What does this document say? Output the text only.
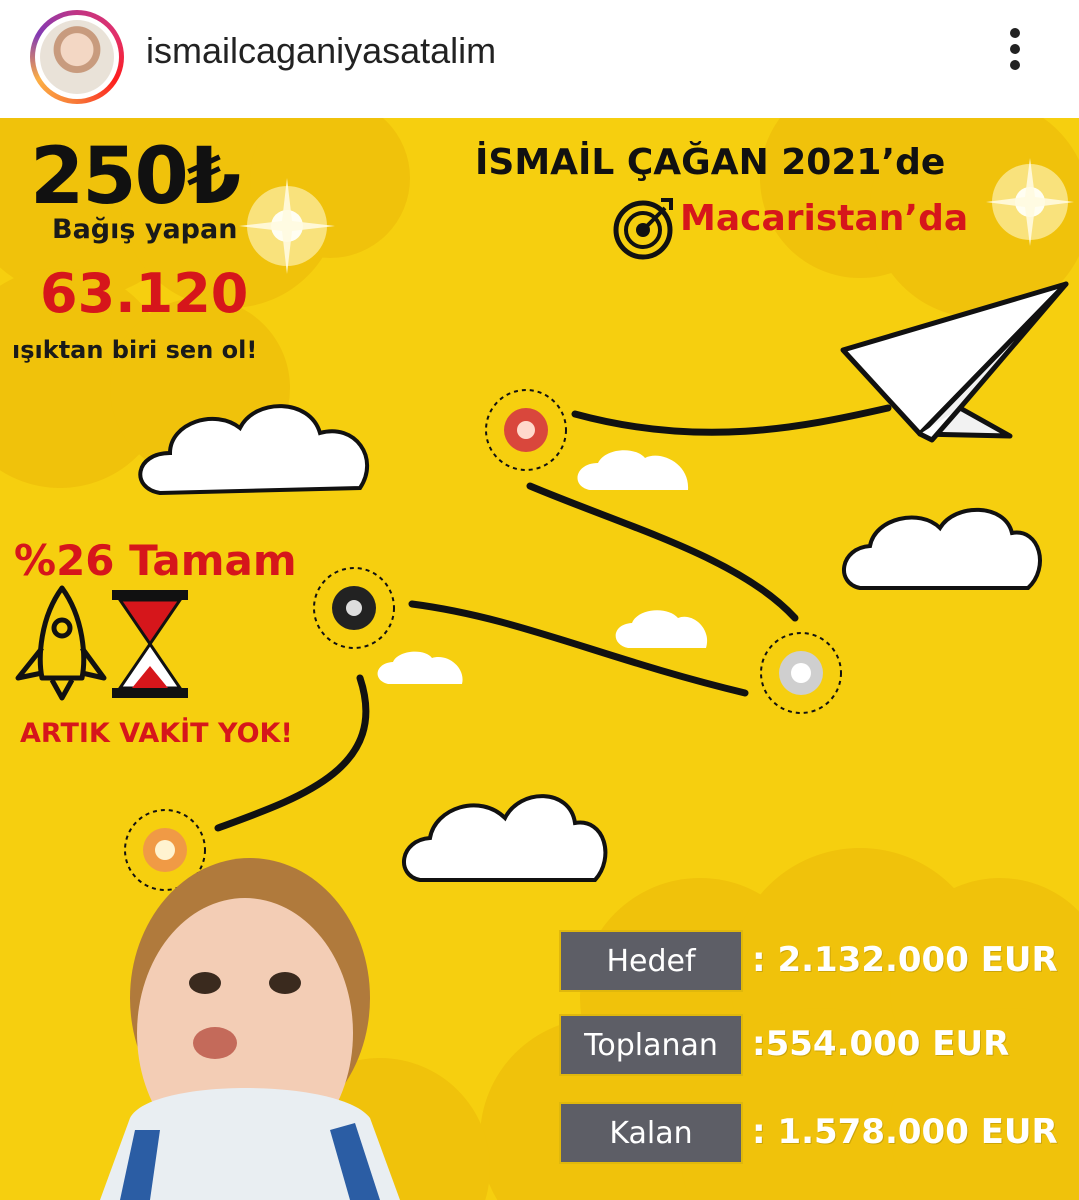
ismailcaganiyasatalim
250₺
Bağış yapan
63.120
ışıktan biri sen ol!
İSMAİL ÇAĞAN 2021’de
Macaristan’da
%26 Tamam
ARTIK VAKİT YOK!
Hedef	: 2.132.000 EUR
Toplanan	:554.000 EUR
Kalan	: 1.578.000 EUR
